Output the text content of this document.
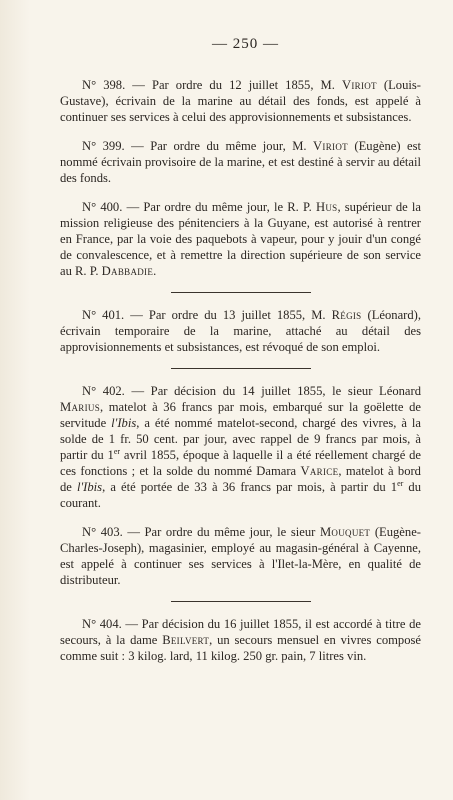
— 250 —

N° 398. — Par ordre du 12 juillet 1855, M. Viriot (Louis-Gustave), écrivain de la marine au détail des fonds, est appelé à continuer ses services à celui des approvisionnements et subsistances.

N° 399. — Par ordre du même jour, M. Viriot (Eugène) est nommé écrivain provisoire de la marine, et est destiné à servir au détail des fonds.

N° 400. — Par ordre du même jour, le R. P. Hus, supérieur de la mission religieuse des pénitenciers à la Guyane, est autorisé à rentrer en France, par la voie des paquebots à vapeur, pour y jouir d'un congé de convalescence, et à remettre la direction supérieure de son service au R. P. Dabbadie.

N° 401. — Par ordre du 13 juillet 1855, M. Régis (Léonard), écrivain temporaire de la marine, attaché au détail des approvisionnements et subsistances, est révoqué de son emploi.

N° 402. — Par décision du 14 juillet 1855, le sieur Léonard Marius, matelot à 36 francs par mois, embarqué sur la goëlette de servitude l'Ibis, a été nommé matelot-second, chargé des vivres, à la solde de 1 fr. 50 cent. par jour, avec rappel de 9 francs par mois, à partir du 1er avril 1855, époque à laquelle il a été réellement chargé de ces fonctions ; et la solde du nommé Damara Varice, matelot à bord de l'Ibis, a été portée de 33 à 36 francs par mois, à partir du 1er du courant.

N° 403. — Par ordre du même jour, le sieur Mouquet (Eugène-Charles-Joseph), magasinier, employé au magasin-général à Cayenne, est appelé à continuer ses services à l'Ilet-la-Mère, en qualité de distributeur.

N° 404. — Par décision du 16 juillet 1855, il est accordé à titre de secours, à la dame Beilvert, un secours mensuel en vivres composé comme suit : 3 kilog. lard, 11 kilog. 250 gr. pain, 7 litres vin.
